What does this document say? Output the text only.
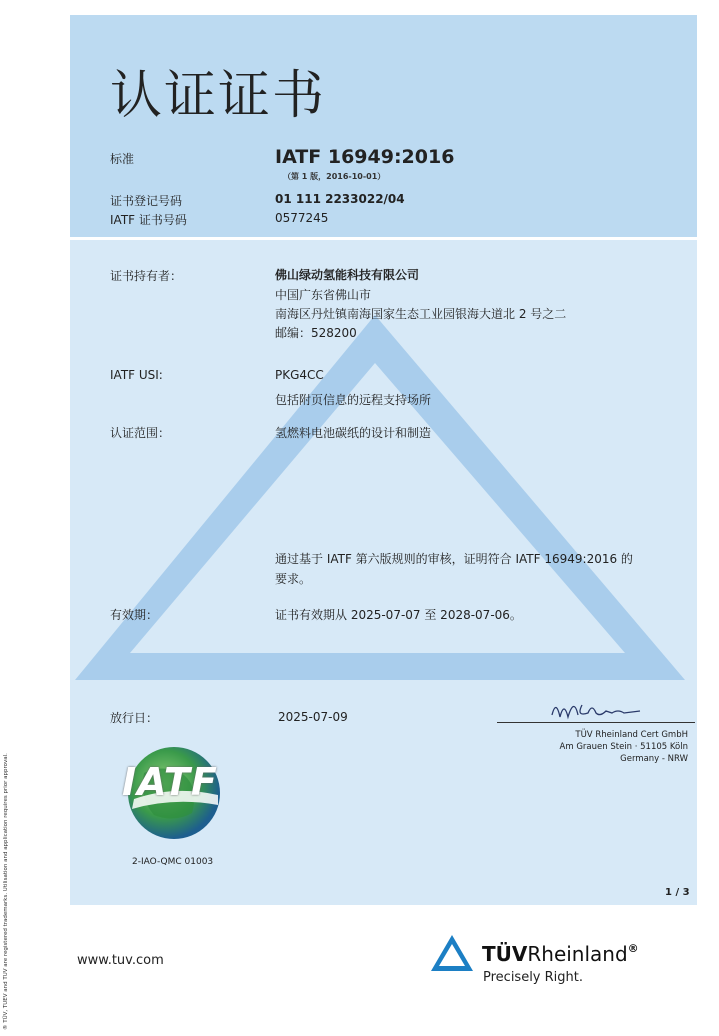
认证证书
标准	IATF 16949:2016
（第 1 版，2016-10-01）
证书登记号码	01 111 2233022/04
IATF 证书号码	0577245
证书持有者：	佛山绿动氢能科技有限公司
中国广东省佛山市
南海区丹灶镇南海国家生态工业园银海大道北 2 号之二
邮编：528200
IATF USI:	PKG4CC
包括附页信息的远程支持场所
认证范围：	氢燃料电池碳纸的设计和制造
通过基于 IATF 第六版规则的审核，证明符合 IATF 16949:2016 的
要求。
有效期：	证书有效期从 2025-07-07 至 2028-07-06。
放行日：	2025-07-09
TÜV Rheinland Cert GmbH
Am Grauen Stein · 51105 Köln
Germany - NRW
IATF
2-IAO-QMC 01003
1 / 3
® TÜV, TUEV and TUV are registered trademarks. Utilisation and application requires prior approval.	www.tuv.com	TÜVRheinland®
Precisely Right.
